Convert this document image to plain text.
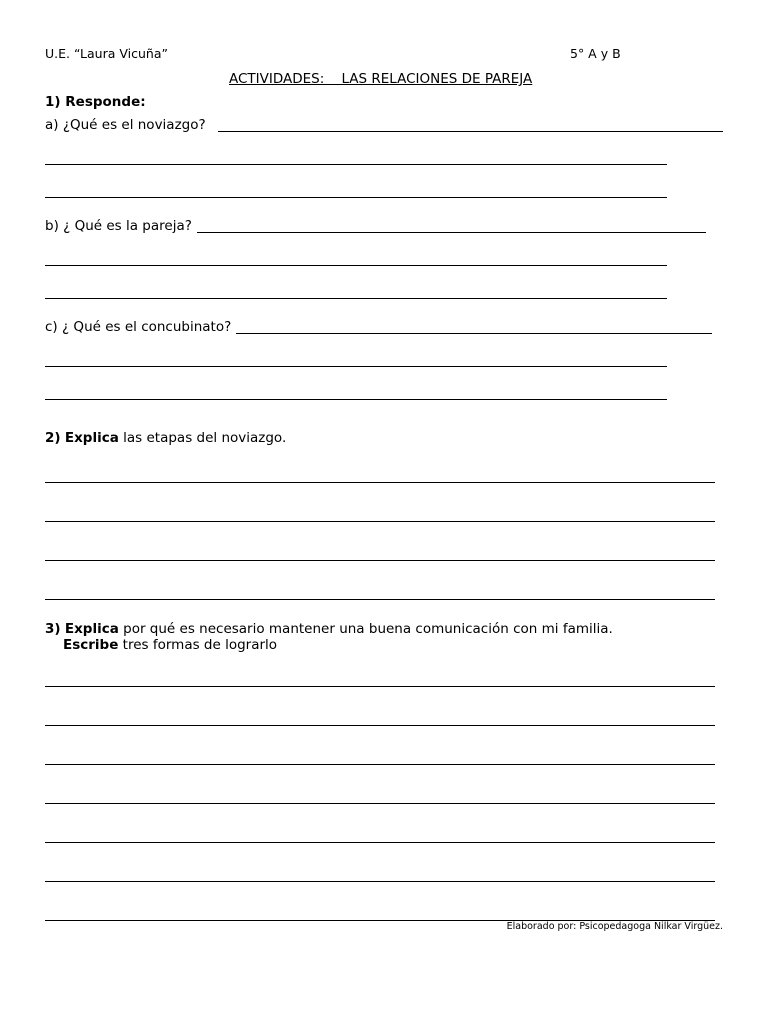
U.E. “Laura Vicuña”	5° A y B
ACTIVIDADES:    LAS RELACIONES DE PAREJA
1) Responde:
a) ¿Qué es el noviazgo?
b) ¿ Qué es la pareja?
c) ¿ Qué es el concubinato?
2) Explica las etapas del noviazgo.
3) Explica por qué es necesario mantener una buena comunicación con mi familia.
Escribe tres formas de lograrlo
Elaborado por: Psicopedagoga Nilkar Virgüez.
